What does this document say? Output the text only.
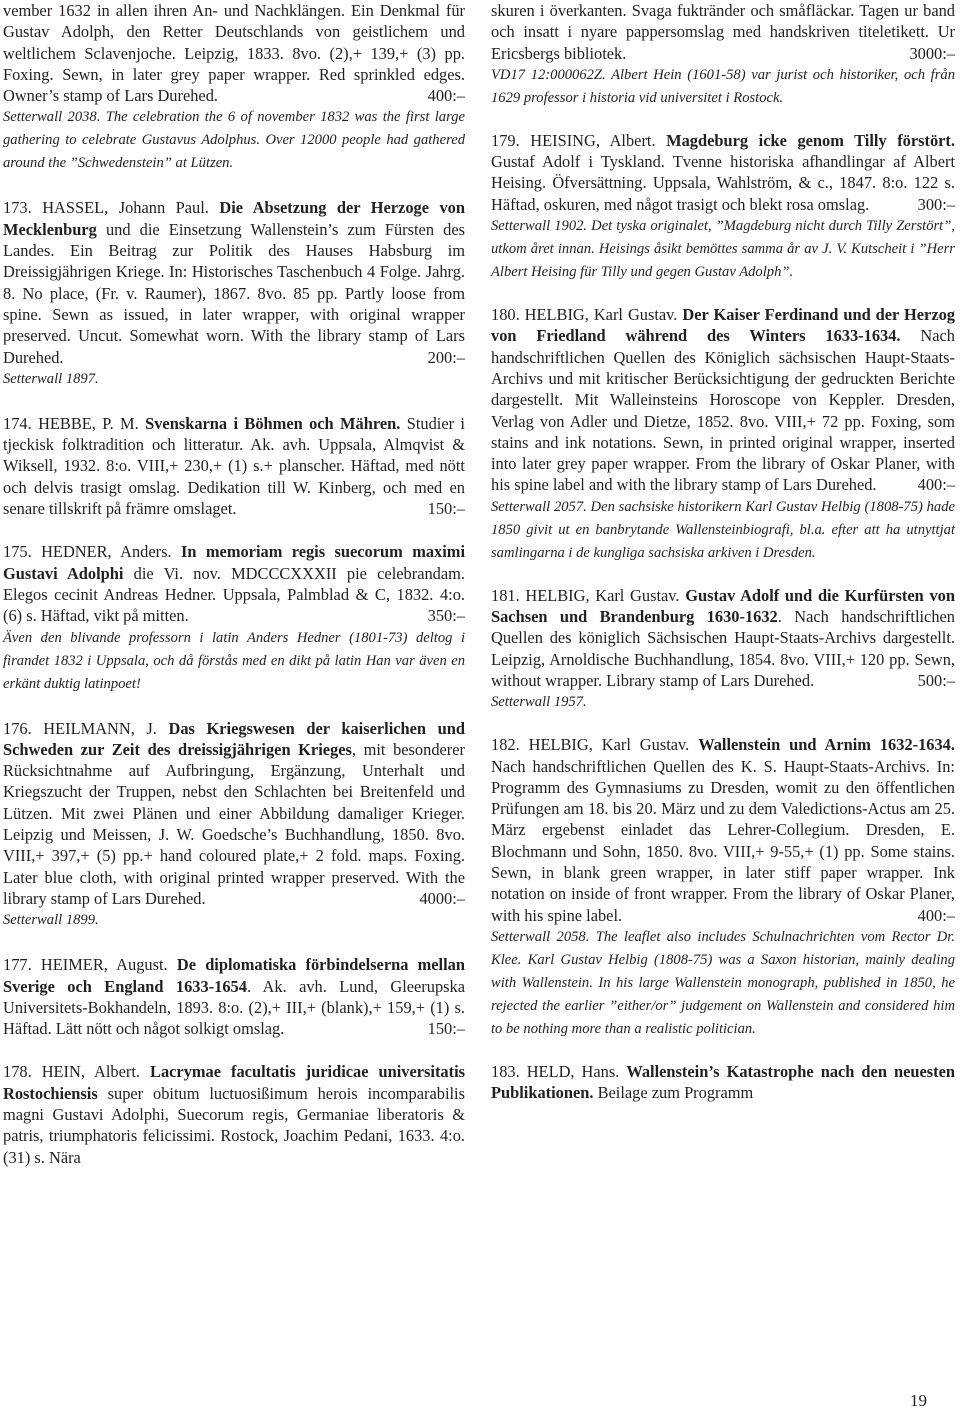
vember 1632 in allen ihren An- und Nachklängen. Ein Denkmal für Gustav Adolph, den Retter Deutschlands von geistlichem und weltlichem Sclavenjoche. Leipzig, 1833. 8vo. (2),+ 139,+ (3) pp. Foxing. Sewn, in later grey paper wrapper. Red sprinkled edges. Owner’s stamp of Lars Durehed.	400:–

Setterwall 2038. The celebration the 6 of november 1832 was the first large gathering to celebrate Gustavus Adolphus. Over 12000 people had gathered around the ”Schwedenstein” at Lützen.

173. HASSEL, Johann Paul. Die Absetzung der Herzoge von Mecklenburg und die Einsetzung Wallenstein’s zum Fürsten des Landes. Ein Beitrag zur Politik des Hauses Habsburg im Dreissigjährigen Kriege. In: Historisches Taschenbuch 4 Folge. Jahrg. 8. No place, (Fr. v. Raumer), 1867. 8vo. 85 pp. Partly loose from spine. Sewn as issued, in later wrapper, with original wrapper preserved. Uncut. Somewhat worn. With the library stamp of Lars Durehed.	200:–

Setterwall 1897.

174. HEBBE, P. M. Svenskarna i Böhmen och Mähren. Studier i tjeckisk folktradition och litteratur. Ak. avh. Uppsala, Almqvist & Wiksell, 1932. 8:o. VIII,+ 230,+ (1) s.+ planscher. Häftad, med nött och delvis trasigt omslag. Dedikation till W. Kinberg, och med en senare tillskrift på främre omslaget.	150:–

175. HEDNER, Anders. In memoriam regis suecorum maximi Gustavi Adolphi die Vi. nov. MDCCCXXXII pie celebrandam. Elegos cecinit Andreas Hedner. Uppsala, Palmblad & C, 1832. 4:o. (6) s. Häftad, vikt på mitten.	350:–

Även den blivande professorn i latin Anders Hedner (1801-73) deltog i firandet 1832 i Uppsala, och då förstås med en dikt på latin Han var även en erkänt duktig latinpoet!

176. HEILMANN, J. Das Kriegswesen der kaiserlichen und Schweden zur Zeit des dreissigjährigen Krieges, mit besonderer Rücksichtnahme auf Aufbringung, Ergänzung, Unterhalt und Kriegszucht der Truppen, nebst den Schlachten bei Breitenfeld und Lützen. Mit zwei Plänen und einer Abbildung damaliger Krieger. Leipzig und Meissen, J. W. Goedsche’s Buchhandlung, 1850. 8vo. VIII,+ 397,+ (5) pp.+ hand coloured plate,+ 2 fold. maps. Foxing. Later blue cloth, with original printed wrapper preserved. With the library stamp of Lars Durehed.	4000:–

Setterwall 1899.

177. HEIMER, August. De diplomatiska förbindelserna mellan Sverige och England 1633-1654. Ak. avh. Lund, Gleerupska Universitets-Bokhandeln, 1893. 8:o. (2),+ III,+ (blank),+ 159,+ (1) s. Häftad. Lätt nött och något solkigt omslag.	150:–

178. HEIN, Albert. Lacrymae facultatis juridicae universitatis Rostochiensis super obitum luctuosißimum herois incomparabilis magni Gustavi Adolphi, Suecorum regis, Germaniae liberatoris & patris, triumphatoris felicissimi. Rostock, Joachim Pedani, 1633. 4:o. (31) s. Nära

skuren i överkanten. Svaga fuktränder och småfläckar. Tagen ur band och insatt i nyare pappersomslag med handskriven titeletikett. Ur Ericsbergs bibliotek.	3000:–

VD17 12:000062Z. Albert Hein (1601-58) var jurist och historiker, och från 1629 professor i historia vid universitet i Rostock.

179. HEISING, Albert. Magdeburg icke genom Tilly förstört. Gustaf Adolf i Tyskland. Tvenne historiska afhandlingar af Albert Heising. Öfversättning. Uppsala, Wahlström, & c., 1847. 8:o. 122 s. Häftad, oskuren, med något trasigt och blekt rosa omslag.	300:–

Setterwall 1902. Det tyska originalet, ”Magdeburg nicht durch Tilly Zerstört”, utkom året innan. Heisings åsikt bemöttes samma år av J. V. Kutscheit i ”Herr Albert Heising für Tilly und gegen Gustav Adolph”.

180. HELBIG, Karl Gustav. Der Kaiser Ferdinand und der Herzog von Friedland während des Winters 1633-1634. Nach handschriftlichen Quellen des Königlich sächsischen Haupt-Staats-Archivs und mit kritischer Berücksichtigung der gedruckten Berichte dargestellt. Mit Walleinsteins Horoscope von Keppler. Dresden, Verlag von Adler und Dietze, 1852. 8vo. VIII,+ 72 pp. Foxing, som stains and ink notations. Sewn, in printed original wrapper, inserted into later grey paper wrapper. From the library of Oskar Planer, with his spine label and with the library stamp of Lars Durehed.	400:–

Setterwall 2057. Den sachsiske historikern Karl Gustav Helbig (1808-75) hade 1850 givit ut en banbrytande Wallensteinbiografi, bl.a. efter att ha utnyttjat samlingarna i de kungliga sachsiska arkiven i Dresden.

181. HELBIG, Karl Gustav. Gustav Adolf und die Kurfürsten von Sachsen und Brandenburg 1630-1632. Nach handschriftlichen Quellen des königlich Sächsischen Haupt-Staats-Archivs dargestellt. Leipzig, Arnoldische Buchhandlung, 1854. 8vo. VIII,+ 120 pp. Sewn, without wrapper. Library stamp of Lars Durehed.	500:–

Setterwall 1957.

182. HELBIG, Karl Gustav. Wallenstein und Arnim 1632-1634. Nach handschriftlichen Quellen des K. S. Haupt-Staats-Archivs. In: Programm des Gymnasiums zu Dresden, womit zu den öffentlichen Prüfungen am 18. bis 20. März und zu dem Valedictions-Actus am 25. März ergebenst einladet das Lehrer-Collegium. Dresden, E. Blochmann und Sohn, 1850. 8vo. VIII,+ 9-55,+ (1) pp. Some stains. Sewn, in blank green wrapper, in later stiff paper wrapper. Ink notation on inside of front wrapper. From the library of Oskar Planer, with his spine label.	400:–

Setterwall 2058. The leaflet also includes Schulnachrichten vom Rector Dr. Klee. Karl Gustav Helbig (1808-75) was a Saxon historian, mainly dealing with Wallenstein. In his large Wallenstein monograph, published in 1850, he rejected the earlier ”either/or” judgement on Wallenstein and considered him to be nothing more than a realistic politician.

183. HELD, Hans. Wallenstein’s Katastrophe nach den neuesten Publikationen. Beilage zum Programm

19
